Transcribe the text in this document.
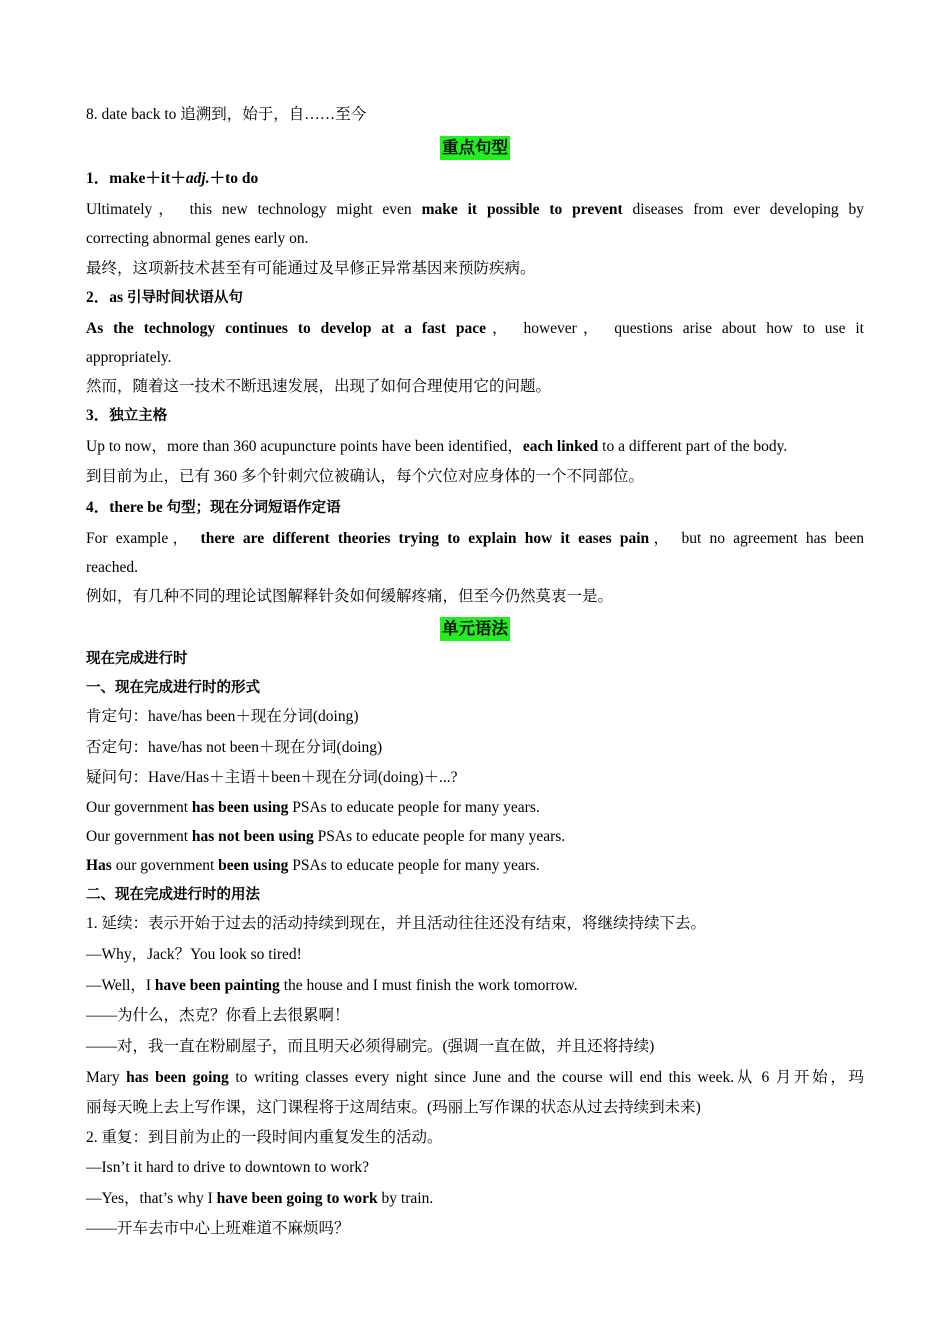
8. date back to 追溯到，始于，自……至今
重点句型
1．make＋it＋adj.＋to do
Ultimately， this new technology might even make it possible to prevent diseases from ever developing by
correcting abnormal genes early on.
最终，这项新技术甚至有可能通过及早修正异常基因来预防疾病。
2．as 引导时间状语从句
As the technology continues to develop at a fast pace， however， questions arise about how to use it
appropriately.
然而，随着这一技术不断迅速发展，出现了如何合理使用它的问题。
3．独立主格
Up to now，more than 360 acupuncture points have been identified，each linked to a different part of the body.
到目前为止，已有 360 多个针刺穴位被确认，每个穴位对应身体的一个不同部位。
4．there be 句型；现在分词短语作定语
For example， there are different theories trying to explain how it eases pain， but no agreement has been
reached.
例如，有几种不同的理论试图解释针灸如何缓解疼痛，但至今仍然莫衷一是。
单元语法
现在完成进行时
一、现在完成进行时的形式
肯定句：have/has been＋现在分词(doing)
否定句：have/has not been＋现在分词(doing)
疑问句：Have/Has＋主语＋been＋现在分词(doing)＋...?
Our government has been using PSAs to educate people for many years.
Our government has not been using PSAs to educate people for many years.
Has our government been using PSAs to educate people for many years.
二、现在完成进行时的用法
1. 延续：表示开始于过去的活动持续到现在，并且活动往往还没有结束，将继续持续下去。
—Why，Jack？You look so tired!
—Well，I have been painting the house and I must finish the work tomorrow.
——为什么，杰克？你看上去很累啊！
——对，我一直在粉刷屋子，而且明天必须得刷完。(强调一直在做，并且还将持续)
Mary has been going to writing classes every night since June and the course will end this week.从 6 月开始，玛
丽每天晚上去上写作课，这门课程将于这周结束。(玛丽上写作课的状态从过去持续到未来)
2. 重复：到目前为止的一段时间内重复发生的活动。
—Isn’t it hard to drive to downtown to work?
—Yes，that’s why I have been going to work by train.
——开车去市中心上班难道不麻烦吗？
